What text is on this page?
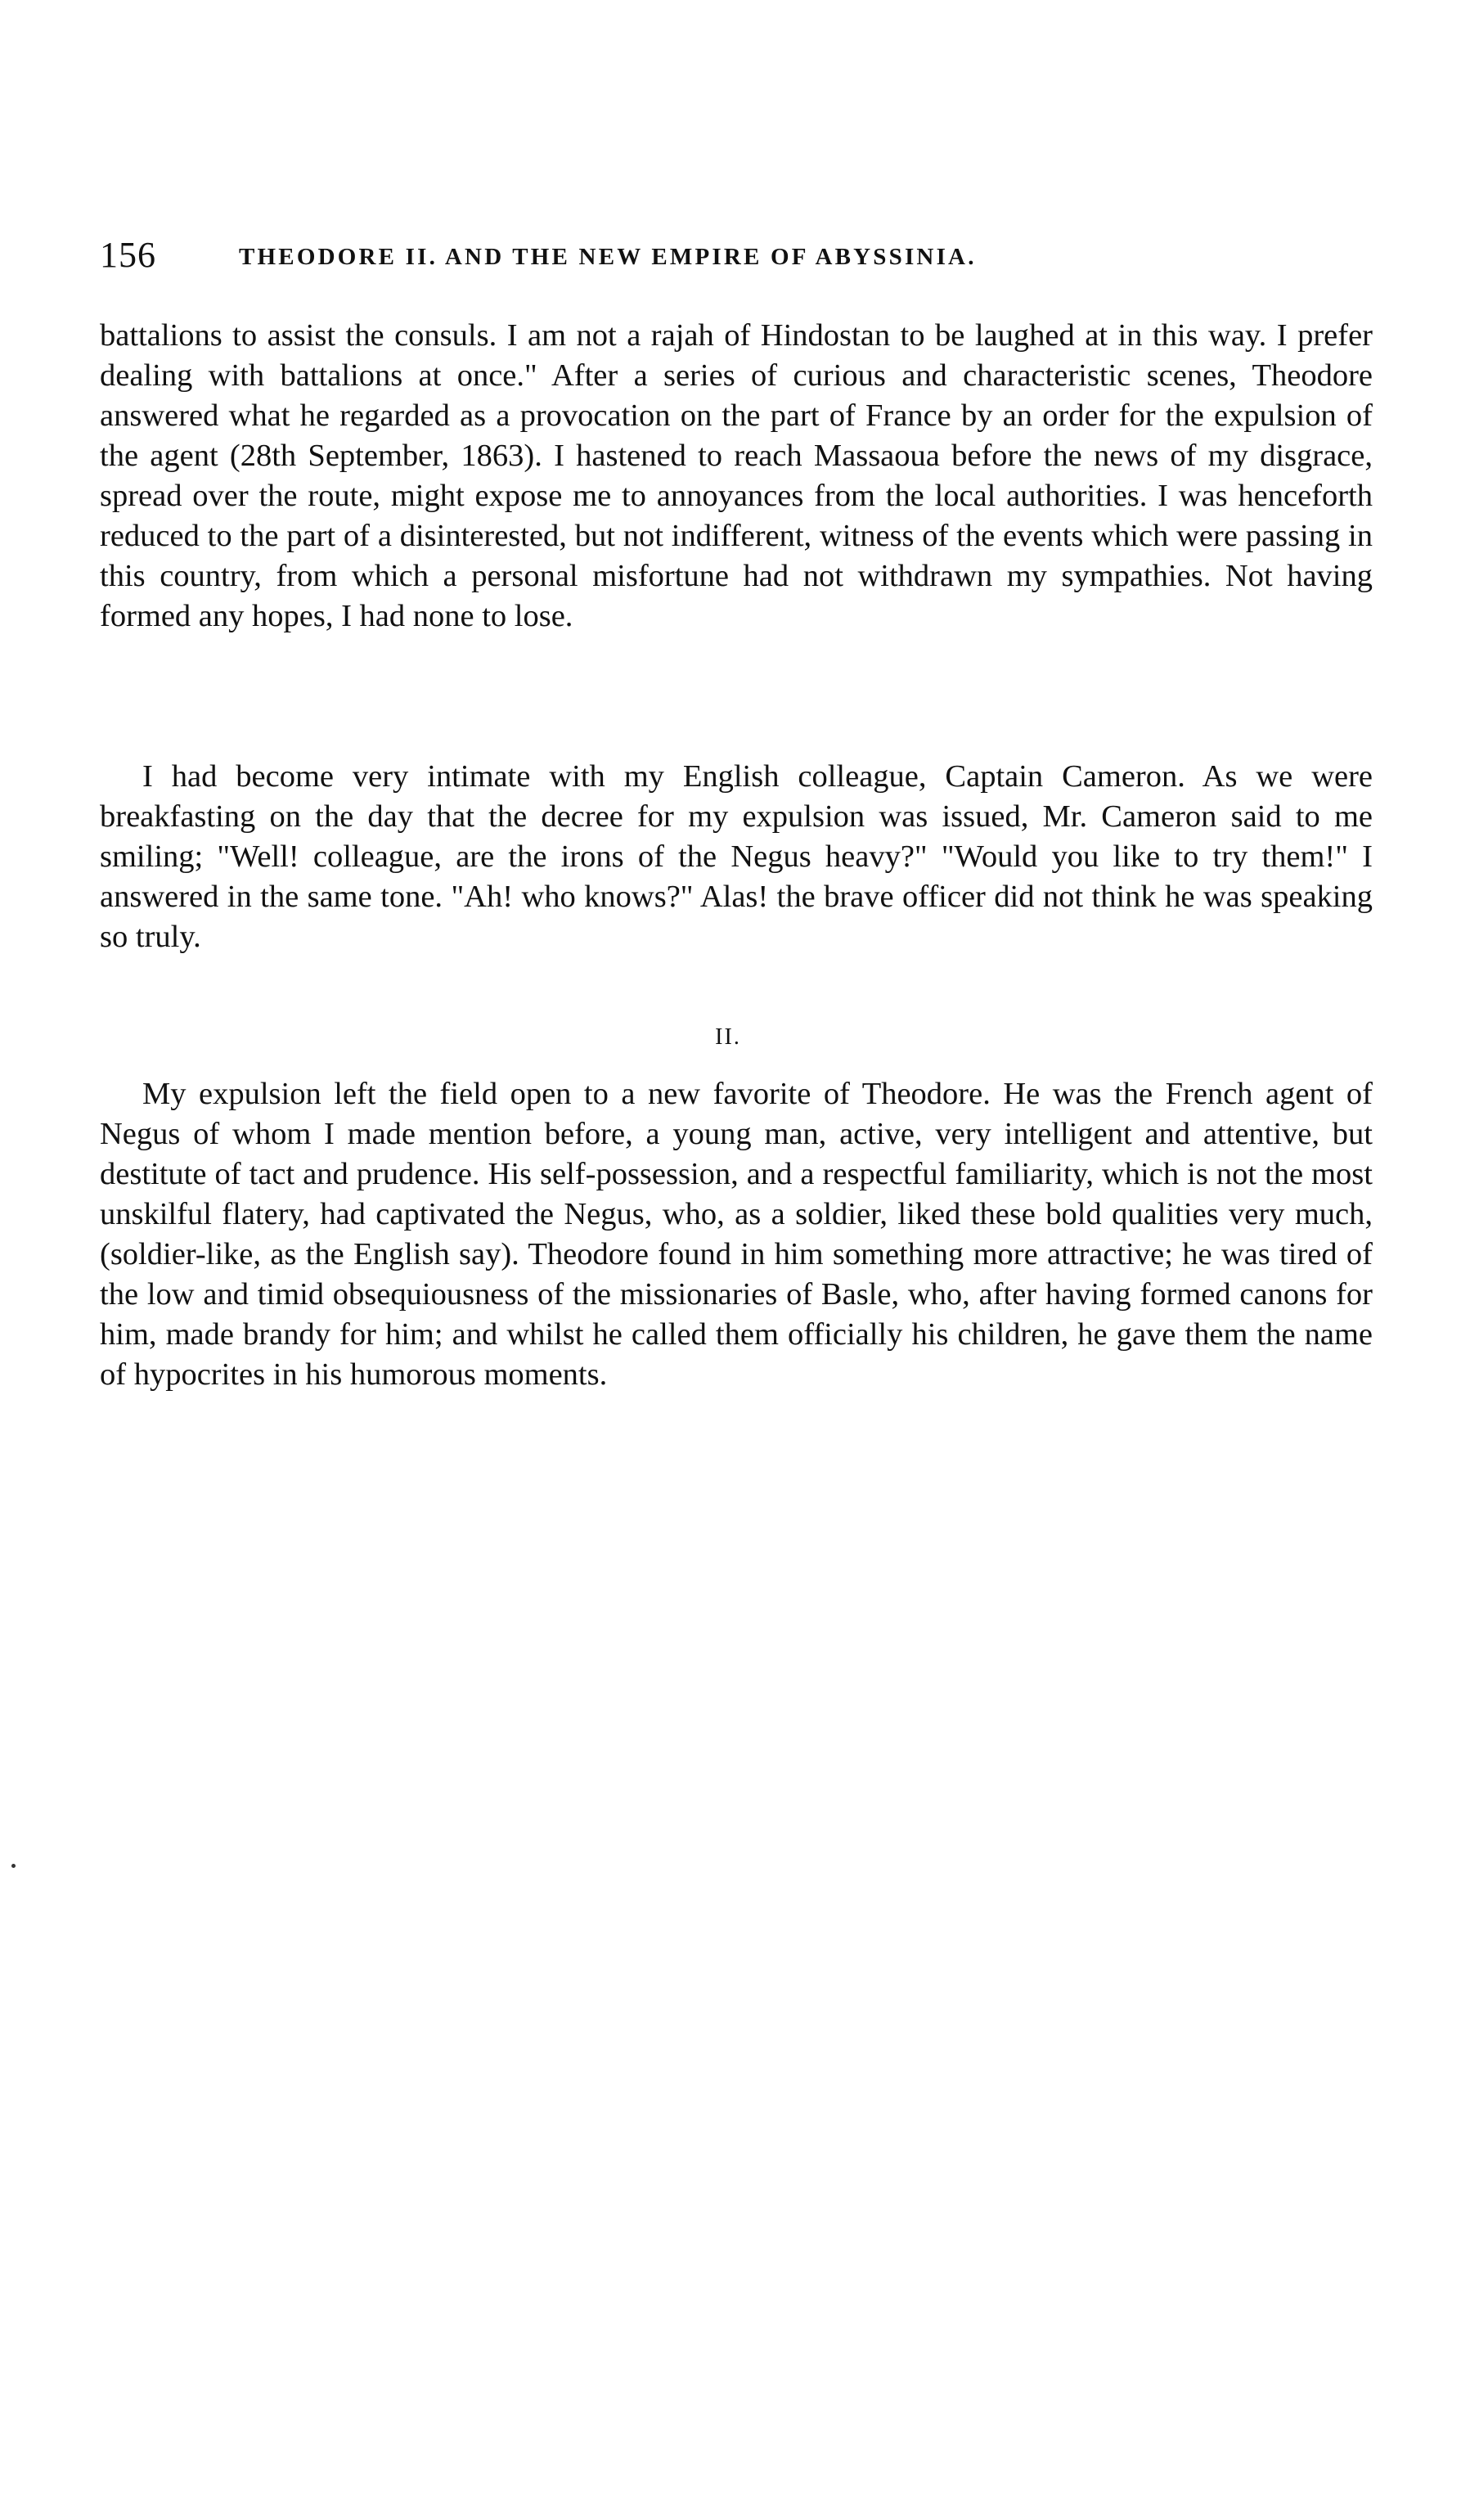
156	THEODORE II. AND THE NEW EMPIRE OF ABYSSINIA.

battalions to assist the consuls. I am not a rajah of Hindostan to be laughed at in this way. I prefer dealing with battalions at once." After a series of curious and characteristic scenes, Theodore answered what he regarded as a provocation on the part of France by an order for the expulsion of the agent (28th September, 1863). I hastened to reach Massaoua before the news of my disgrace, spread over the route, might expose me to annoyances from the local authorities. I was henceforth reduced to the part of a disinterested, but not indifferent, witness of the events which were passing in this country, from which a personal misfortune had not withdrawn my sympathies. Not having formed any hopes, I had none to lose.

I had become very intimate with my English colleague, Captain Cameron. As we were breakfasting on the day that the decree for my expulsion was issued, Mr. Cameron said to me smiling; "Well! colleague, are the irons of the Negus heavy?" "Would you like to try them!" I answered in the same tone. "Ah! who knows?" Alas! the brave officer did not think he was speaking so truly.

II.

My expulsion left the field open to a new favorite of Theodore. He was the French agent of Negus of whom I made mention before, a young man, active, very intelligent and attentive, but destitute of tact and prudence. His self-possession, and a respectful familiarity, which is not the most unskilful flatery, had captivated the Negus, who, as a soldier, liked these bold qualities very much, (soldier-like, as the English say). Theodore found in him something more attractive; he was tired of the low and timid obsequiousness of the missionaries of Basle, who, after having formed canons for him, made brandy for him; and whilst he called them officially his children, he gave them the name of hypocrites in his humorous moments.
